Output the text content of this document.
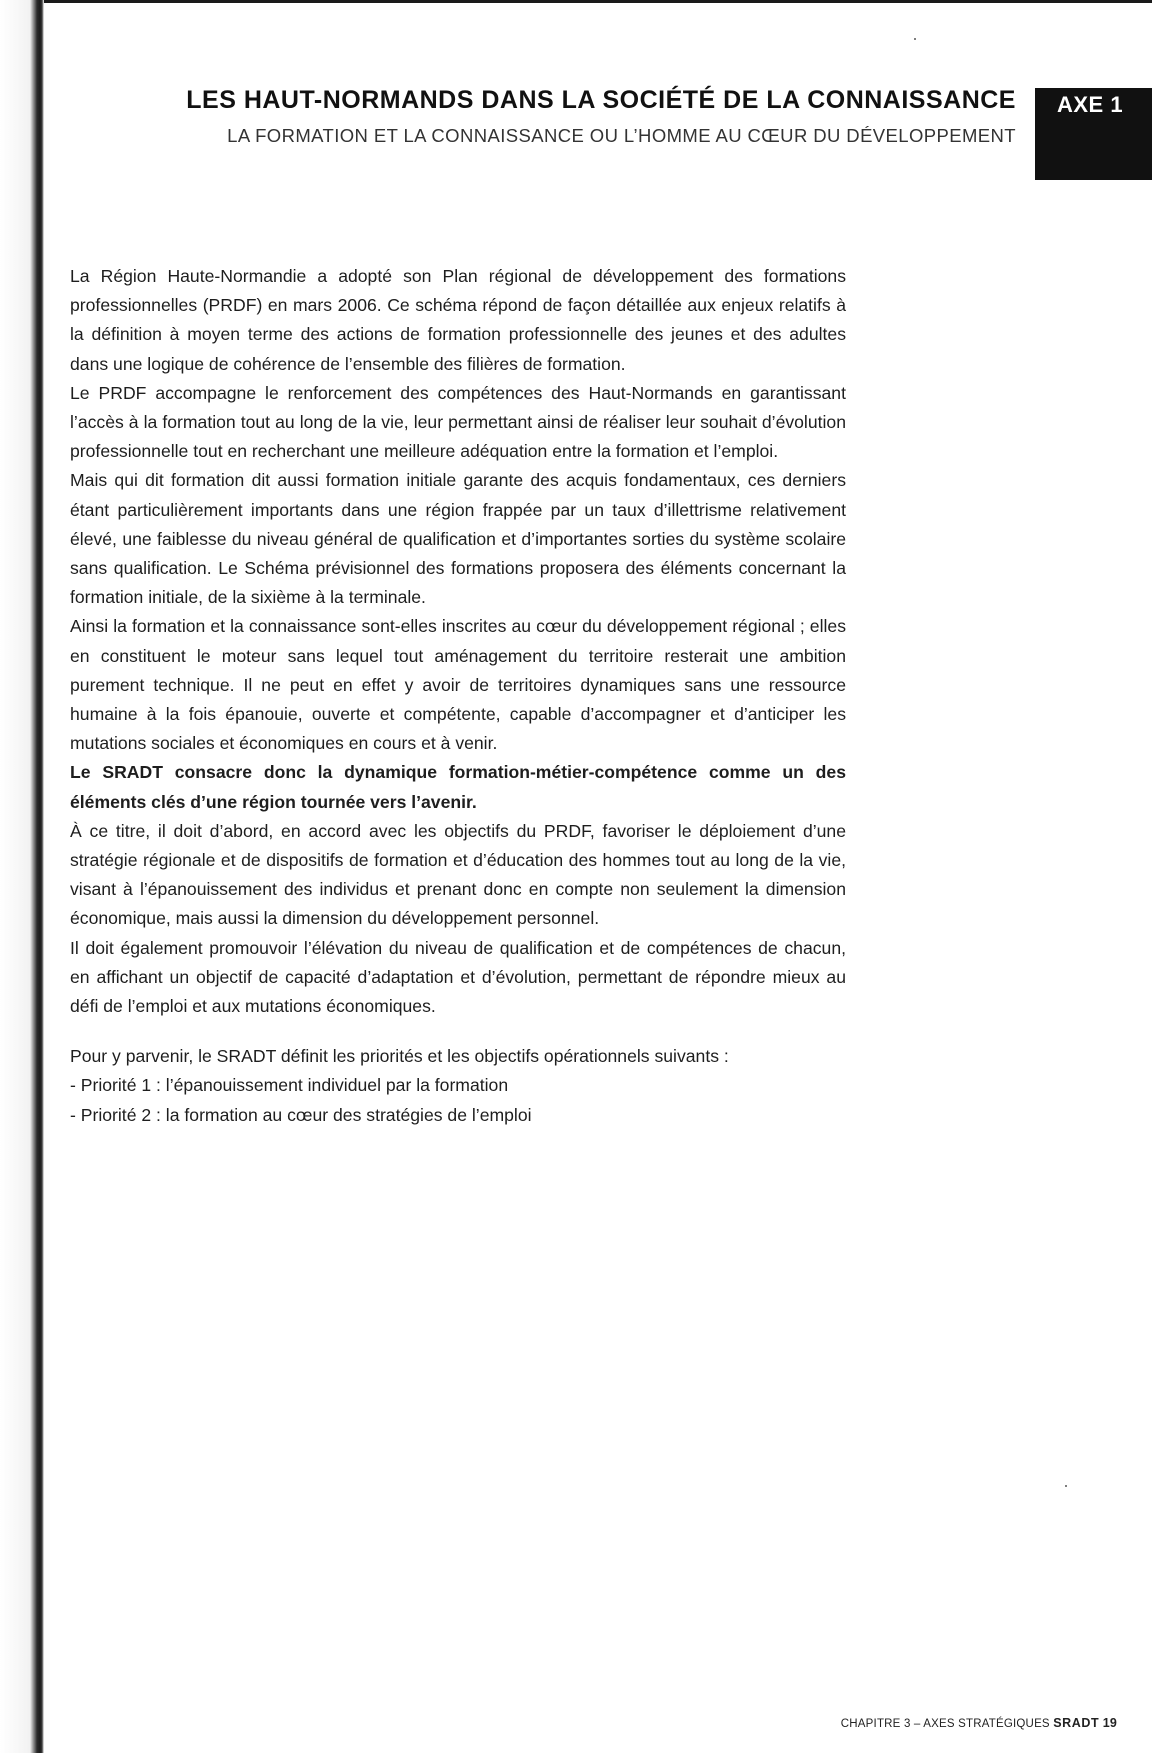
LES HAUT-NORMANDS DANS LA SOCIÉTÉ DE LA CONNAISSANCE
LA FORMATION ET LA CONNAISSANCE OU L’HOMME AU CŒUR DU DÉVELOPPEMENT
AXE 1

La Région Haute-Normandie a adopté son Plan régional de développement des formations professionnelles (PRDF) en mars 2006. Ce schéma répond de façon détaillée aux enjeux relatifs à la définition à moyen terme des actions de formation professionnelle des jeunes et des adultes dans une logique de cohérence de l’ensemble des filières de formation.

Le PRDF accompagne le renforcement des compétences des Haut-Normands en garantissant l’accès à la formation tout au long de la vie, leur permettant ainsi de réaliser leur souhait d’évolution professionnelle tout en recherchant une meilleure adéquation entre la formation et l’emploi.

Mais qui dit formation dit aussi formation initiale garante des acquis fondamentaux, ces derniers étant particulièrement importants dans une région frappée par un taux d’illettrisme relativement élevé, une faiblesse du niveau général de qualification et d’importantes sorties du système scolaire sans qualification. Le Schéma prévisionnel des formations proposera des éléments concernant la formation initiale, de la sixième à la terminale.

Ainsi la formation et la connaissance sont-elles inscrites au cœur du développement régional ; elles en constituent le moteur sans lequel tout aménagement du territoire resterait une ambition purement technique. Il ne peut en effet y avoir de territoires dynamiques sans une ressource humaine à la fois épanouie, ouverte et compétente, capable d’accompagner et d’anticiper les mutations sociales et économiques en cours et à venir.

Le SRADT consacre donc la dynamique formation-métier-compétence comme un des éléments clés d’une région tournée vers l’avenir.

À ce titre, il doit d’abord, en accord avec les objectifs du PRDF, favoriser le déploiement d’une stratégie régionale et de dispositifs de formation et d’éducation des hommes tout au long de la vie, visant à l’épanouissement des individus et prenant donc en compte non seulement la dimension économique, mais aussi la dimension du développement personnel.

Il doit également promouvoir l’élévation du niveau de qualification et de compétences de chacun, en affichant un objectif de capacité d’adaptation et d’évolution, permettant de répondre mieux au défi de l’emploi et aux mutations économiques.

Pour y parvenir, le SRADT définit les priorités et les objectifs opérationnels suivants :

- Priorité 1 : l’épanouissement individuel par la formation

- Priorité 2 : la formation au cœur des stratégies de l’emploi

CHAPITRE 3 – AXES STRATÉGIQUES SRADT 19
